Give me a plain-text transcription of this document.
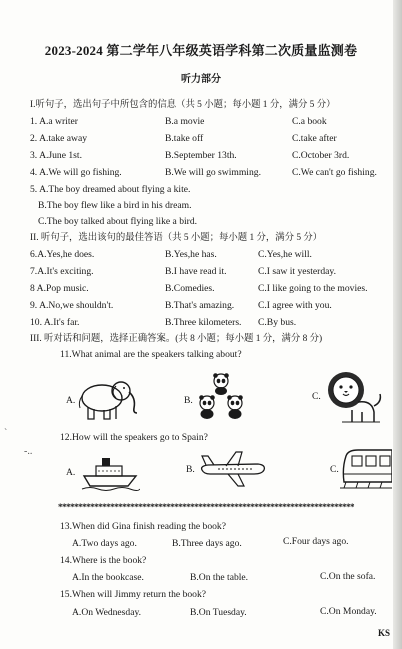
`
-..
2023-2024 第二学年八年级英语学科第二次质量监测卷
听力部分
I.听句子，选出句子中所包含的信息（共 5 小题；每小题 1 分，满分 5 分）
1. A.a writer	B.a movie	C.a book
2. A.take away	B.take off	C.take after
3. A.June 1st.	B.September 13th.	C.October 3rd.
4. A.We will go fishing.	B.We will go swimming.	C.We can't go fishing.
5. A.The boy dreamed about flying a kite.
B.The boy flew like a bird in his dream.
C.The boy talked about flying like a bird.
II. 听句子，选出该句的最佳答语（共 5 小题；每小题 1 分，满分 5 分）
6.A.Yes,he does.	B.Yes,he has.	C.Yes,he will.
7.A.It's exciting.	B.I have read it.	C.I saw it yesterday.
8 A.Pop music.	B.Comedies.	C.I like going to the movies.
9. A.No,we shouldn't.	B.That's amazing. C.I agree with you.
10. A.It's far.	B.Three kilometers. C.By bus.
III. 听对话和问题，选择正确答案。(共 8 小题；每小题 1 分，满分 8 分)
11.What animal are the speakers talking about?
A.	B.	C.
12.How will the speakers go to Spain?
A.	B.	C.
**************************************************************************
13.When did Gina finish reading the book?
A.Two days ago.	B.Three days ago.	C.Four days ago.
14.Where is the book?
A.In the bookcase.	B.On the table.	C.On the sofa.
15.When will Jimmy return the book?
A.On Wednesday.	B.On Tuesday.	C.On Monday.
KS
